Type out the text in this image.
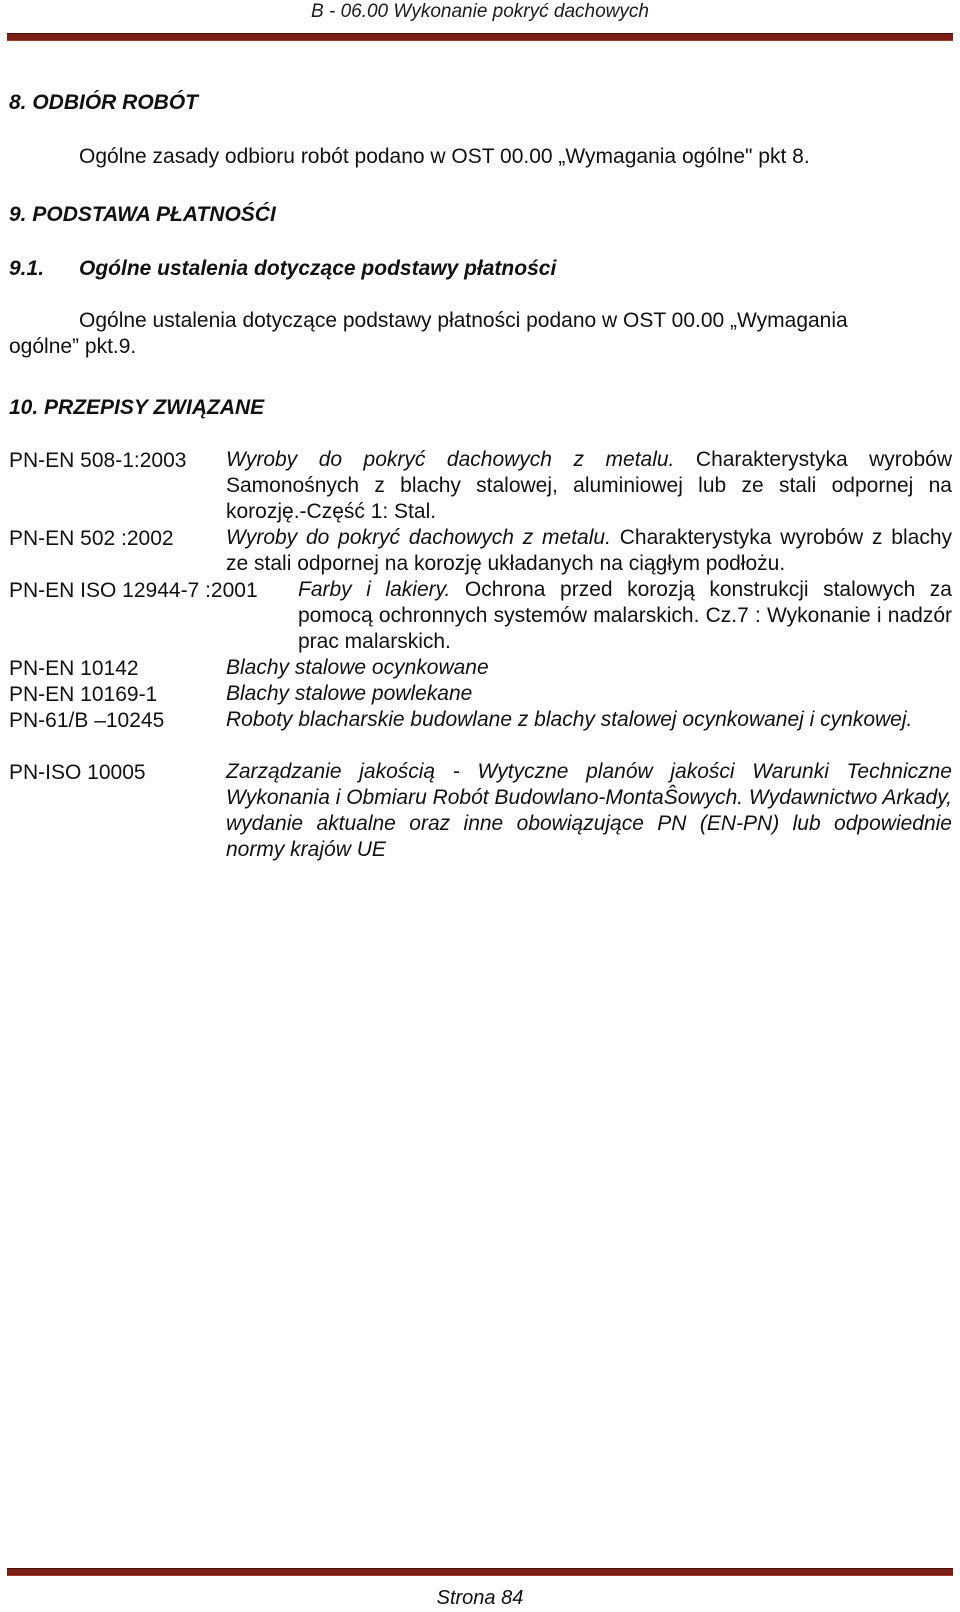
B - 06.00 Wykonanie pokryć dachowych
8. ODBIÓR ROBÓT
Ogólne zasady odbioru robót podano w OST 00.00 „Wymagania ogólne" pkt 8.
9. PODSTAWA PŁATNOŚĆI
9.1. Ogólne ustalenia dotyczące podstawy płatności
Ogólne ustalenia dotyczące podstawy płatności podano w OST 00.00 „Wymagania
ogólne” pkt.9.
10. PRZEPISY ZWIĄZANE
PN-EN 508-1:2003 Wyroby do pokryć dachowych z metalu. Charakterystyka wyrobów Samonośnych z blachy stalowej, aluminiowej lub ze stali odpornej na korozję.-Część 1: Stal.
PN-EN 502 :2002 Wyroby do pokryć dachowych z metalu. Charakterystyka wyrobów z blachy ze stali odpornej na korozję układanych na ciągłym podłożu.
PN-EN ISO 12944-7 :2001 Farby i lakiery. Ochrona przed korozją konstrukcji stalowych za pomocą ochronnych systemów malarskich. Cz.7 : Wykonanie i nadzór prac malarskich.
PN-EN 10142	Blachy stalowe ocynkowane
PN-EN 10169-1	Blachy stalowe powlekane
PN-61/B –10245	Roboty blacharskie budowlane z blachy stalowej ocynkowanej i cynkowej.
PN-ISO 10005	Zarządzanie jakością - Wytyczne planów jakości Warunki Techniczne Wykonania i Obmiaru Robót Budowlano-MontaŜowych. Wydawnictwo Arkady, wydanie aktualne oraz inne obowiązujące PN (EN-PN) lub odpowiednie normy krajów UE
Strona 84
